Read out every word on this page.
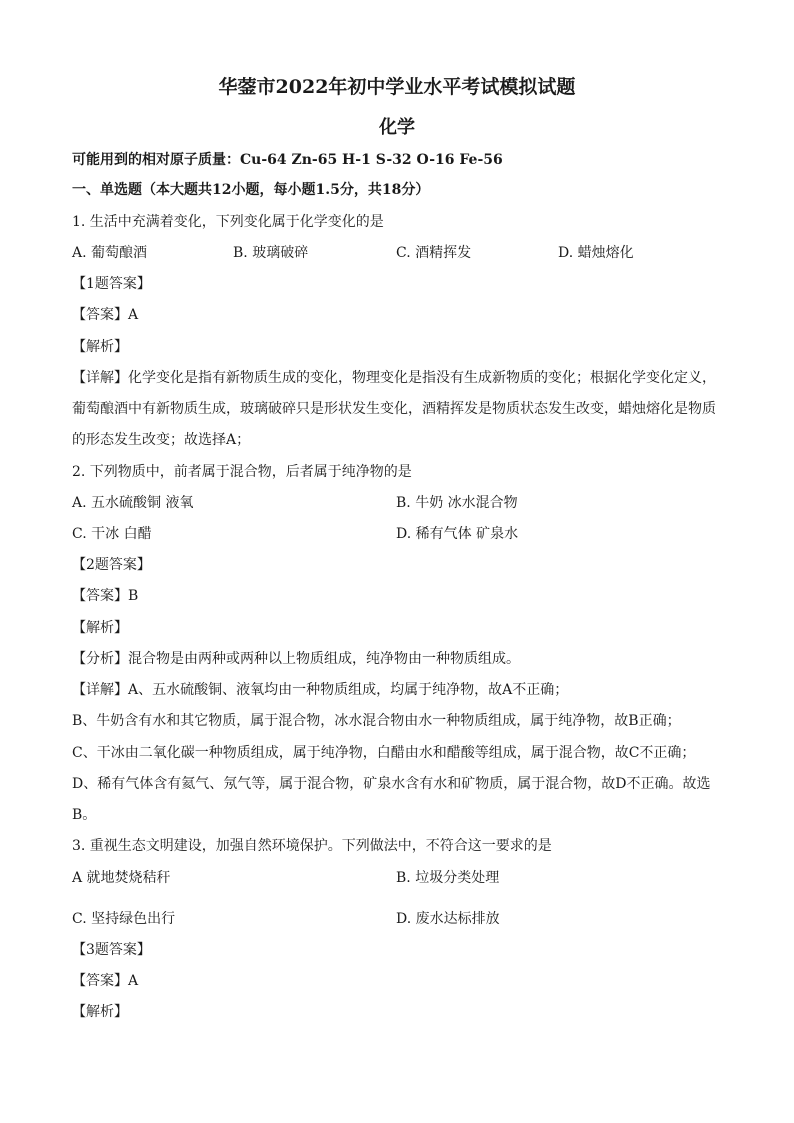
华蓥市2022年初中学业水平考试模拟试题
化学
可能用到的相对原子质量：Cu-64 Zn-65 H-1 S-32 O-16 Fe-56
一、单选题（本大题共12小题，每小题1.5分，共18分）
1. 生活中充满着变化，下列变化属于化学变化的是
A. 葡萄酿酒	B. 玻璃破碎	C. 酒精挥发	D. 蜡烛熔化
【1题答案】
【答案】A
【解析】
【详解】化学变化是指有新物质生成的变化，物理变化是指没有生成新物质的变化；根据化学变化定义，
葡萄酿酒中有新物质生成，玻璃破碎只是形状发生变化，酒精挥发是物质状态发生改变，蜡烛熔化是物质
的形态发生改变；故选择A；
2. 下列物质中，前者属于混合物，后者属于纯净物的是
A. 五水硫酸铜 液氧	B. 牛奶 冰水混合物
C. 干冰 白醋	D. 稀有气体 矿泉水
【2题答案】
【答案】B
【解析】
【分析】混合物是由两种或两种以上物质组成，纯净物由一种物质组成。
【详解】A、五水硫酸铜、液氧均由一种物质组成，均属于纯净物，故A不正确；
B、牛奶含有水和其它物质，属于混合物，冰水混合物由水一种物质组成，属于纯净物，故B正确；
C、干冰由二氧化碳一种物质组成，属于纯净物，白醋由水和醋酸等组成，属于混合物，故C不正确；
D、稀有气体含有氦气、氖气等，属于混合物，矿泉水含有水和矿物质，属于混合物，故D不正确。故选
B。
3. 重视生态文明建设，加强自然环境保护。下列做法中，不符合这一要求的是
A 就地焚烧秸秆	B. 垃圾分类处理
C. 坚持绿色出行	D. 废水达标排放
【3题答案】
【答案】A
【解析】
